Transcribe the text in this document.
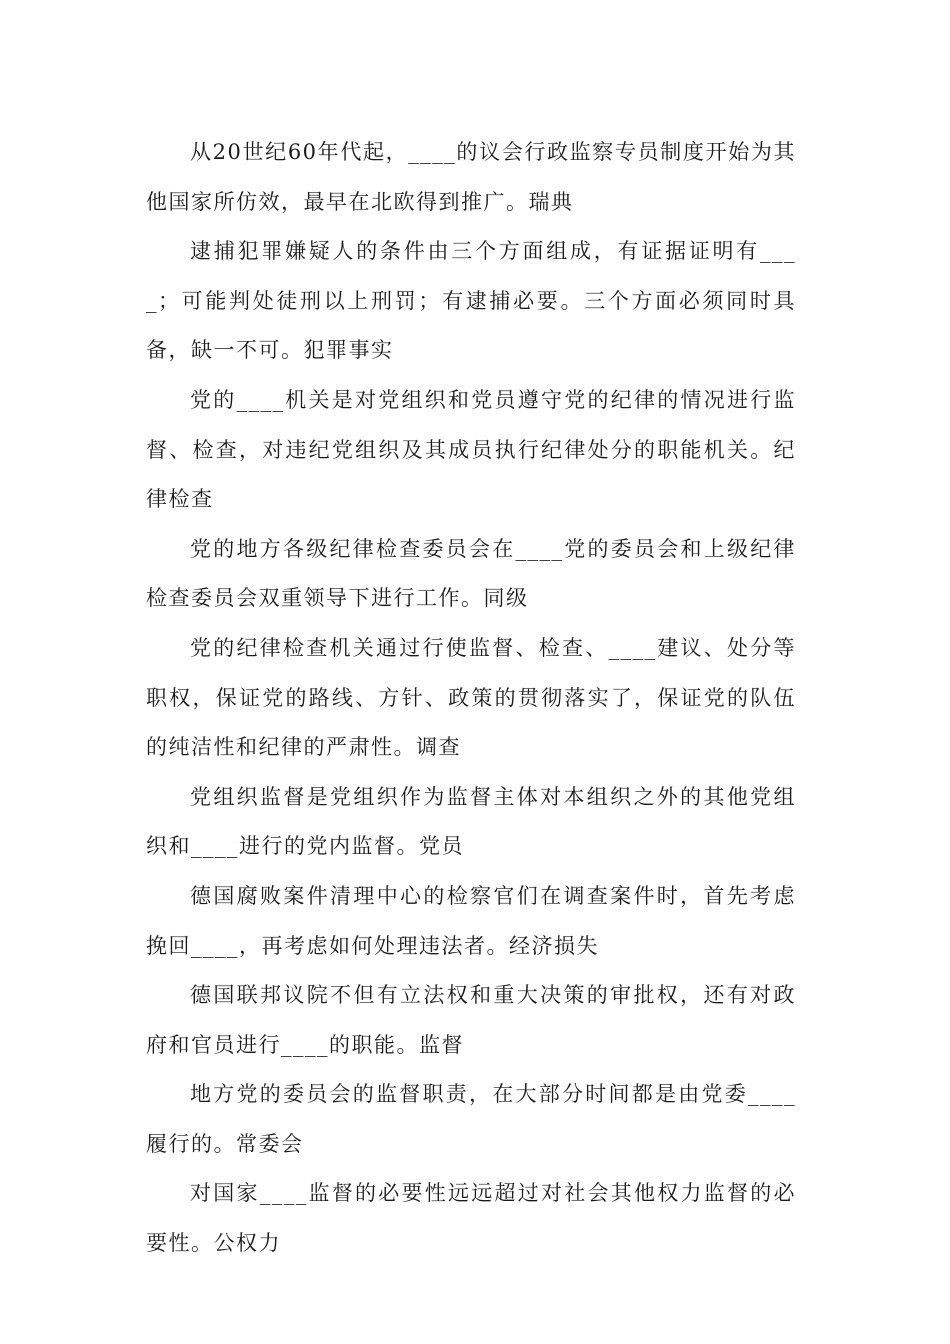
从20世纪60年代起，____的议会行政监察专员制度开始为其他国家所仿效，最早在北欧得到推广。瑞典

逮捕犯罪嫌疑人的条件由三个方面组成，有证据证明有____；可能判处徒刑以上刑罚；有逮捕必要。三个方面必须同时具备，缺一不可。犯罪事实

党的____机关是对党组织和党员遵守党的纪律的情况进行监督、检查，对违纪党组织及其成员执行纪律处分的职能机关。纪律检查

党的地方各级纪律检查委员会在____党的委员会和上级纪律检查委员会双重领导下进行工作。同级

党的纪律检查机关通过行使监督、检查、____建议、处分等职权，保证党的路线、方针、政策的贯彻落实了，保证党的队伍的纯洁性和纪律的严肃性。调查

党组织监督是党组织作为监督主体对本组织之外的其他党组织和____进行的党内监督。党员

德国腐败案件清理中心的检察官们在调查案件时，首先考虑挽回____，再考虑如何处理违法者。经济损失

德国联邦议院不但有立法权和重大决策的审批权，还有对政府和官员进行____的职能。监督

地方党的委员会的监督职责，在大部分时间都是由党委____履行的。常委会

对国家____监督的必要性远远超过对社会其他权力监督的必要性。公权力
